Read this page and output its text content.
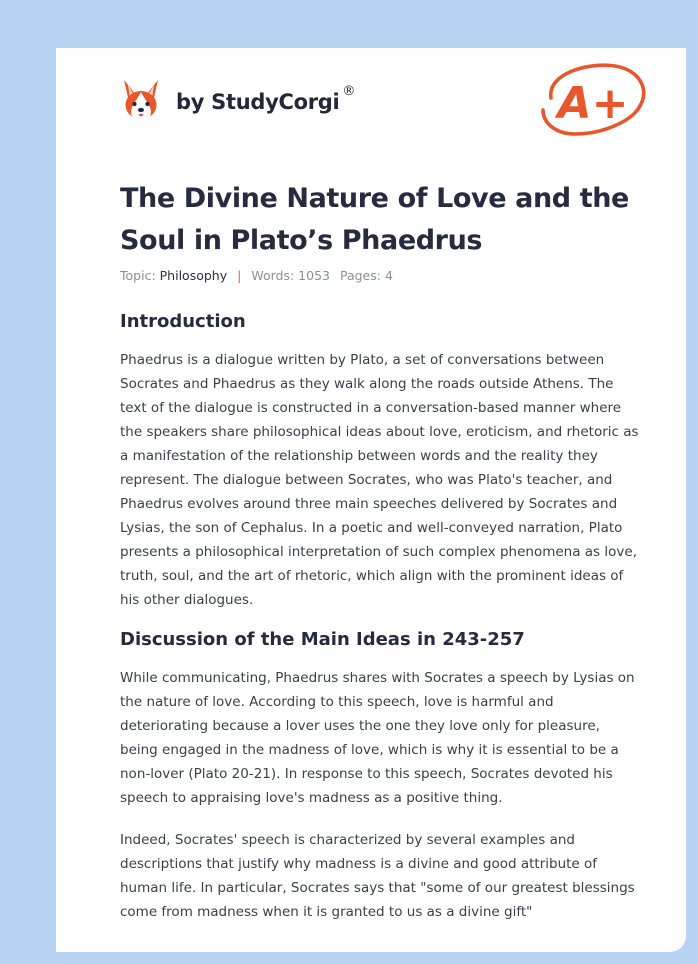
by StudyCorgi ®	A+
The Divine Nature of Love and the Soul in Plato’s Phaedrus
Topic: Philosophy | Words: 1053 Pages: 4
Introduction

Phaedrus is a dialogue written by Plato, a set of conversations between Socrates and Phaedrus as they walk along the roads outside Athens. The text of the dialogue is constructed in a conversation-based manner where the speakers share philosophical ideas about love, eroticism, and rhetoric as a manifestation of the relationship between words and the reality they represent. The dialogue between Socrates, who was Plato's teacher, and Phaedrus evolves around three main speeches delivered by Socrates and Lysias, the son of Cephalus. In a poetic and well-conveyed narration, Plato presents a philosophical interpretation of such complex phenomena as love, truth, soul, and the art of rhetoric, which align with the prominent ideas of his other dialogues.

Discussion of the Main Ideas in 243-257

While communicating, Phaedrus shares with Socrates a speech by Lysias on the nature of love. According to this speech, love is harmful and deteriorating because a lover uses the one they love only for pleasure, being engaged in the madness of love, which is why it is essential to be a non-lover (Plato 20-21). In response to this speech, Socrates devoted his speech to appraising love's madness as a positive thing.

Indeed, Socrates' speech is characterized by several examples and descriptions that justify why madness is a divine and good attribute of human life. In particular, Socrates says that "some of our greatest blessings come from madness when it is granted to us as a divine gift"
